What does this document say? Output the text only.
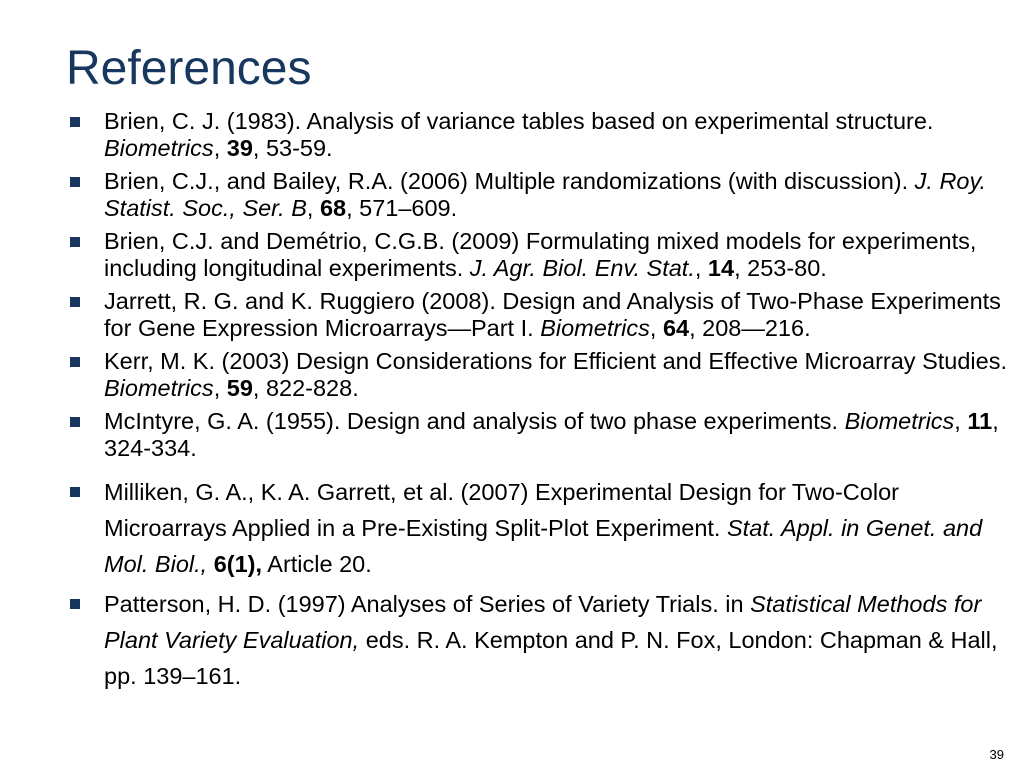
References
Brien, C. J. (1983). Analysis of variance tables based on experimental structure. Biometrics, 39, 53-59.
Brien, C.J., and Bailey, R.A. (2006) Multiple randomizations (with discussion). J. Roy. Statist. Soc., Ser. B, 68, 571–609.
Brien, C.J. and Demétrio, C.G.B. (2009) Formulating mixed models for experiments, including longitudinal experiments. J. Agr. Biol. Env. Stat., 14, 253-80.
Jarrett, R. G. and K. Ruggiero (2008). Design and Analysis of Two-Phase Experiments for Gene Expression Microarrays—Part I. Biometrics, 64, 208—216.
Kerr, M. K. (2003) Design Considerations for Efficient and Effective Microarray Studies. Biometrics, 59, 822-828.
McIntyre, G. A. (1955). Design and analysis of two phase experiments. Biometrics, 11, 324-334.
Milliken, G. A., K. A. Garrett, et al. (2007) Experimental Design for Two-Color Microarrays Applied in a Pre-Existing Split-Plot Experiment. Stat. Appl. in Genet. and Mol. Biol., 6(1), Article 20.
Patterson, H. D. (1997) Analyses of Series of Variety Trials. in Statistical Methods for Plant Variety Evaluation, eds. R. A. Kempton and P. N. Fox, London: Chapman & Hall, pp. 139–161.
39
